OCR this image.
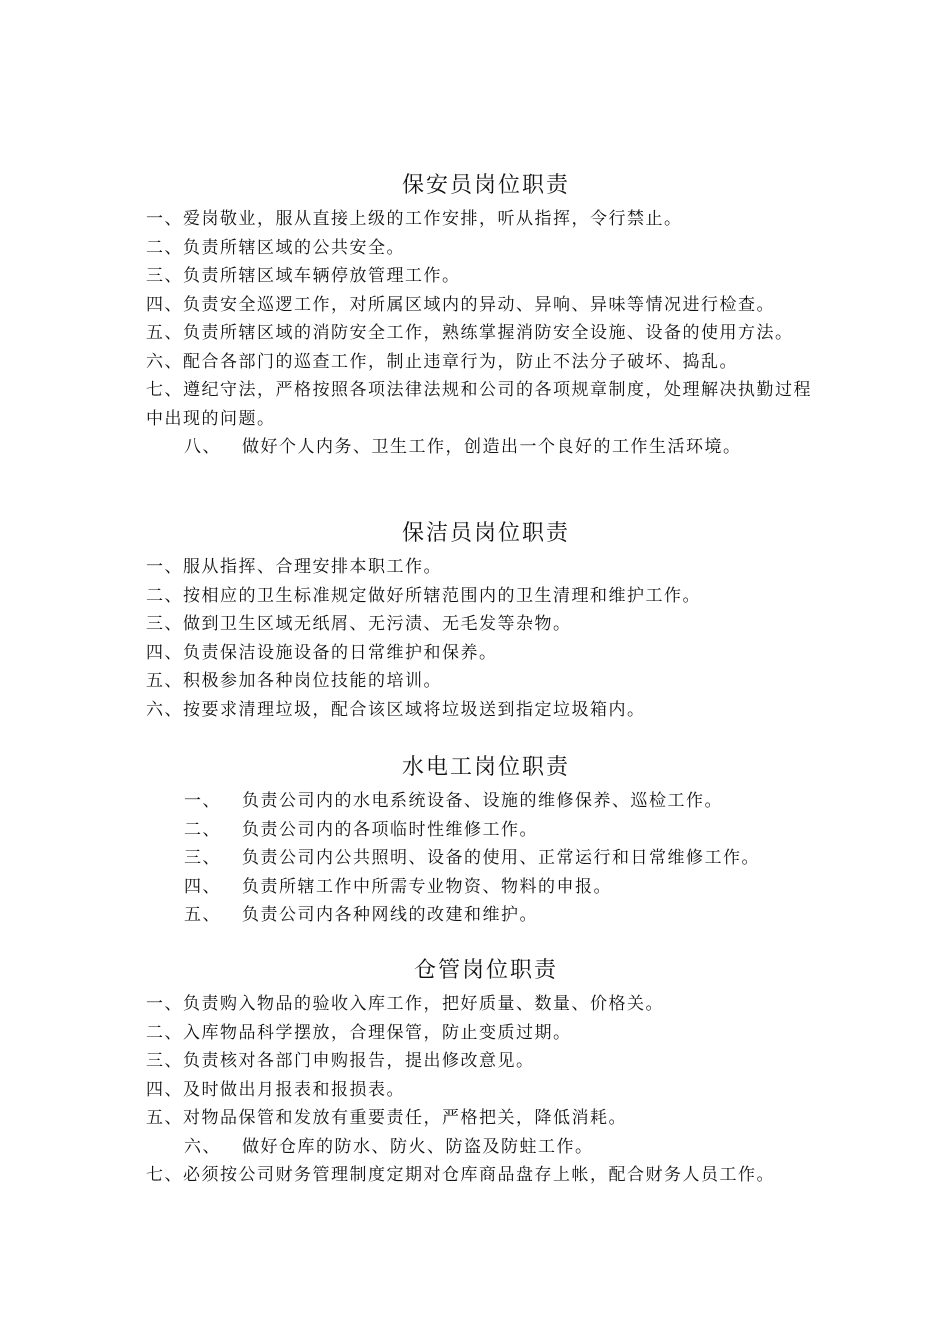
保安员岗位职责
一、爱岗敬业，服从直接上级的工作安排，听从指挥，令行禁止。
二、负责所辖区域的公共安全。
三、负责所辖区域车辆停放管理工作。
四、负责安全巡逻工作，对所属区域内的异动、异响、异味等情况进行检查。
五、负责所辖区域的消防安全工作，熟练掌握消防安全设施、设备的使用方法。
六、配合各部门的巡查工作，制止违章行为，防止不法分子破坏、捣乱。
七、遵纪守法，严格按照各项法律法规和公司的各项规章制度，处理解决执勤过程中出现的问题。
八、 做好个人内务、卫生工作，创造出一个良好的工作生活环境。
保洁员岗位职责
一、服从指挥、合理安排本职工作。
二、按相应的卫生标准规定做好所辖范围内的卫生清理和维护工作。
三、做到卫生区域无纸屑、无污渍、无毛发等杂物。
四、负责保洁设施设备的日常维护和保养。
五、积极参加各种岗位技能的培训。
六、按要求清理垃圾，配合该区域将垃圾送到指定垃圾箱内。
水电工岗位职责
一、 负责公司内的水电系统设备、设施的维修保养、巡检工作。
二、 负责公司内的各项临时性维修工作。
三、 负责公司内公共照明、设备的使用、正常运行和日常维修工作。
四、 负责所辖工作中所需专业物资、物料的申报。
五、 负责公司内各种网线的改建和维护。
仓管岗位职责
一、负责购入物品的验收入库工作，把好质量、数量、价格关。
二、入库物品科学摆放，合理保管，防止变质过期。
三、负责核对各部门申购报告，提出修改意见。
四、及时做出月报表和报损表。
五、对物品保管和发放有重要责任，严格把关，降低消耗。
六、 做好仓库的防水、防火、防盗及防蛀工作。
七、必须按公司财务管理制度定期对仓库商品盘存上帐，配合财务人员工作。
